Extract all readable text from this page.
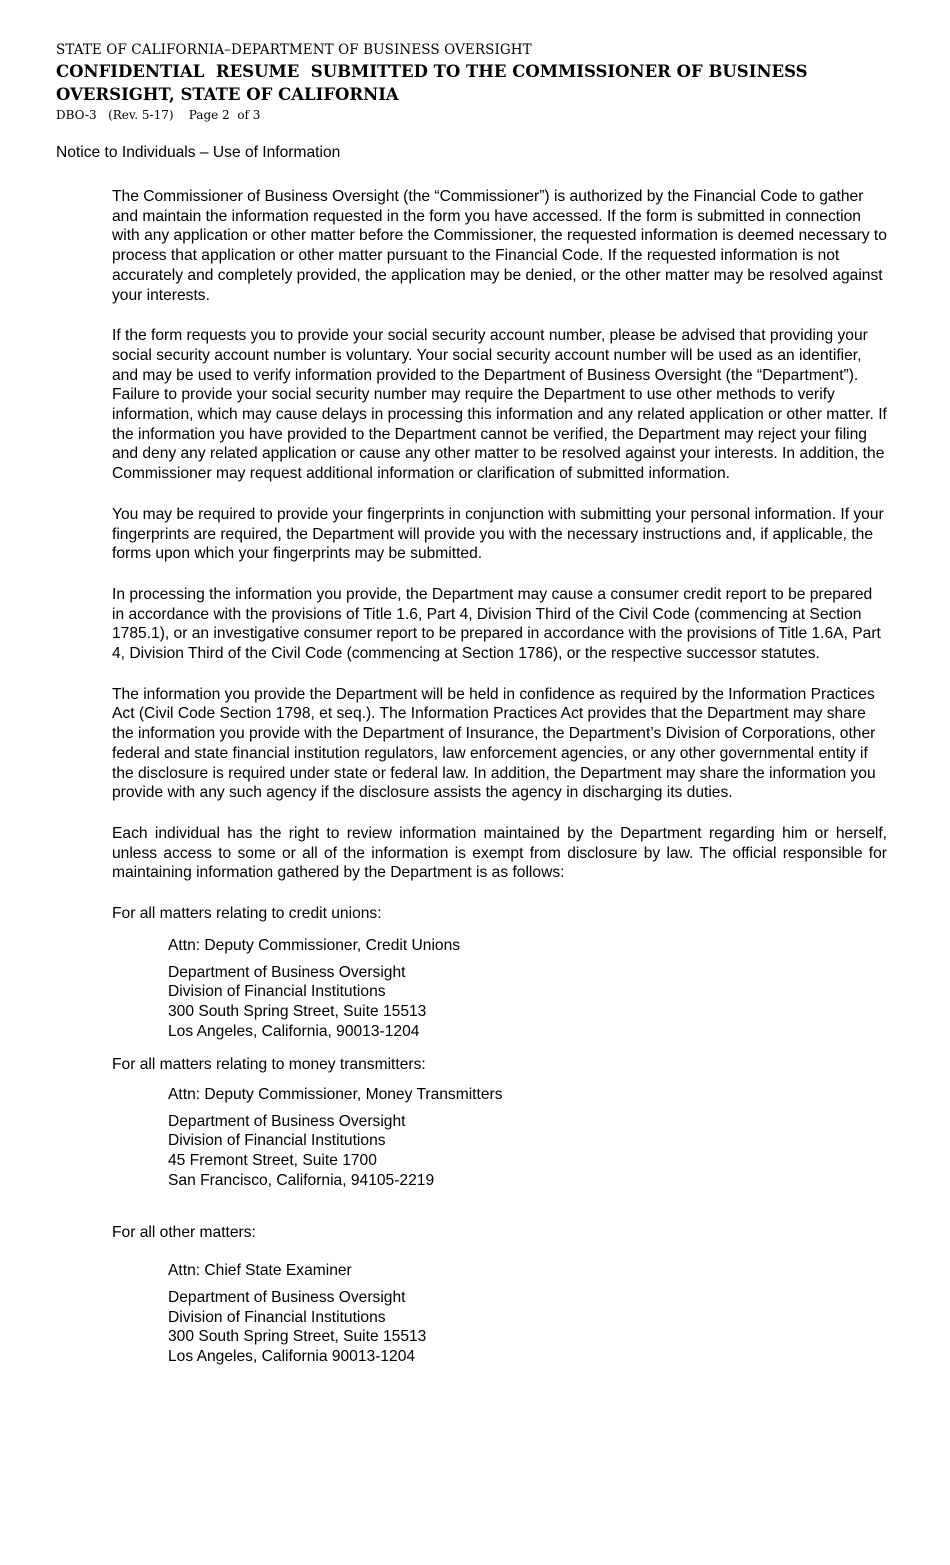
STATE OF CALIFORNIA–DEPARTMENT OF BUSINESS OVERSIGHT
CONFIDENTIAL  RESUME  SUBMITTED TO THE COMMISSIONER OF BUSINESS
OVERSIGHT, STATE OF CALIFORNIA
DBO-3   (Rev. 5-17)    Page 2  of 3
Notice to Individuals – Use of Information

The Commissioner of Business Oversight (the “Commissioner”) is authorized by the Financial Code to gather and maintain the information requested in the form you have accessed. If the form is submitted in connection with any application or other matter before the Commissioner, the requested information is deemed necessary to process that application or other matter pursuant to the Financial Code. If the requested information is not accurately and completely provided, the application may be denied, or the other matter may be resolved against your interests.

If the form requests you to provide your social security account number, please be advised that providing your social security account number is voluntary. Your social security account number will be used as an identifier, and may be used to verify information provided to the Department of Business Oversight (the “Department”). Failure to provide your social security number may require the Department to use other methods to verify information, which may cause delays in processing this information and any related application or other matter. If the information you have provided to the Department cannot be verified, the Department may reject your filing and deny any related application or cause any other matter to be resolved against your interests. In addition, the Commissioner may request additional information or clarification of submitted information.

You may be required to provide your fingerprints in conjunction with submitting your personal information. If your fingerprints are required, the Department will provide you with the necessary instructions and, if applicable, the forms upon which your fingerprints may be submitted.

In processing the information you provide, the Department may cause a consumer credit report to be prepared in accordance with the provisions of Title 1.6, Part 4, Division Third of the Civil Code (commencing at Section 1785.1), or an investigative consumer report to be prepared in accordance with the provisions of Title 1.6A, Part 4, Division Third of the Civil Code (commencing at Section 1786), or the respective successor statutes.

The information you provide the Department will be held in confidence as required by the Information Practices Act (Civil Code Section 1798, et seq.). The Information Practices Act provides that the Department may share the information you provide with the Department of Insurance, the Department’s Division of Corporations, other federal and state financial institution regulators, law enforcement agencies, or any other governmental entity if the disclosure is required under state or federal law. In addition, the Department may share the information you provide with any such agency if the disclosure assists the agency in discharging its duties.

Each individual has the right to review information maintained by the Department regarding him or herself, unless access to some or all of the information is exempt from disclosure by law. The official responsible for maintaining information gathered by the Department is as follows:

For all matters relating to credit unions:
Attn: Deputy Commissioner, Credit Unions
Department of Business Oversight
Division of Financial Institutions
300 South Spring Street, Suite 15513
Los Angeles, California, 90013-1204
For all matters relating to money transmitters:
Attn: Deputy Commissioner, Money Transmitters
Department of Business Oversight
Division of Financial Institutions
45 Fremont Street, Suite 1700
San Francisco, California, 94105-2219
For all other matters:
Attn: Chief State Examiner
Department of Business Oversight
Division of Financial Institutions
300 South Spring Street, Suite 15513
Los Angeles, California 90013-1204
